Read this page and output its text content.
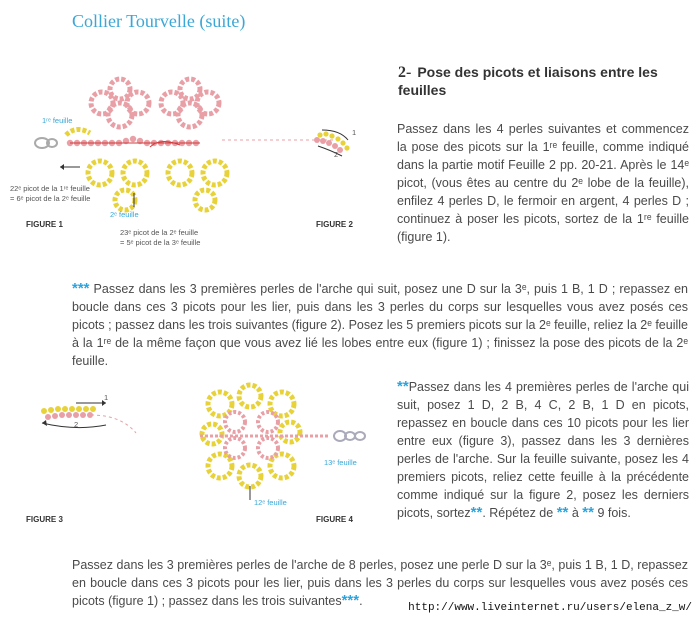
Collier Tourvelle (suite)
2- Pose des picots et liaisons entre les feuilles
Passez dans les 4 perles suivantes et commencez la pose des picots sur la 1ʳᵉ feuille, comme indiqué dans la partie motif Feuille 2 pp. 20-21. Après le 14ᵉ picot, (vous êtes au centre du 2ᵉ lobe de la feuille), enfilez 4 perles D, le fermoir en argent, 4 perles D ; continuez à poser les picots, sortez de la 1ʳᵉ feuille (figure 1).
*** Passez dans les 3 premières perles de l'arche qui suit, posez une D sur la 3ᵉ, puis 1 B, 1 D ; repassez en boucle dans ces 3 picots pour les lier, puis dans les 3 perles du corps sur lesquelles vous avez posés ces picots ; passez dans les trois suivantes (figure 2). Posez les 5 premiers picots sur la 2ᵉ feuille, reliez la 2ᵉ feuille à la 1ʳᵉ de la même façon que vous avez lié les lobes entre eux (figure 1) ; finissez la pose des picots de la 2ᵉ feuille.
**Passez dans les 4 premières perles de l'arche qui suit, posez 1 D, 2 B, 4 C, 2 B, 1 D en picots, repassez en boucle dans ces 10 picots pour les lier entre eux (figure 3), passez dans les 3 dernières perles de l'arche. Sur la feuille suivante, posez les 4 premiers picots, reliez cette feuille à la précédente comme indiqué sur la figure 2, posez les derniers picots, sortez**. Répétez de ** à ** 9 fois.
Passez dans les 3 premières perles de l'arche de 8 perles, posez une perle D sur la 3ᵉ, puis 1 B, 1 D, repassez en boucle dans ces 3 picots pour les lier, puis dans les 3 perles du corps sur lesquelles vous avez posés ces picots (figure 1) ; passez dans les trois suivantes***.
1ʳᵉ feuille
22ᵉ picot de la 1ʳᵉ feuille
= 6ᵉ picot de la 2ᵉ feuille
2ᵉ feuille
23ᵉ picot de la 2ᵉ feuille
= 5ᵉ picot de la 3ᵉ feuille
FIGURE 1
1
2
FIGURE 2
1
2
FIGURE 3
13ᵉ feuille
12ᵉ feuille
FIGURE 4
http://www.liveinternet.ru/users/elena_z_w/
